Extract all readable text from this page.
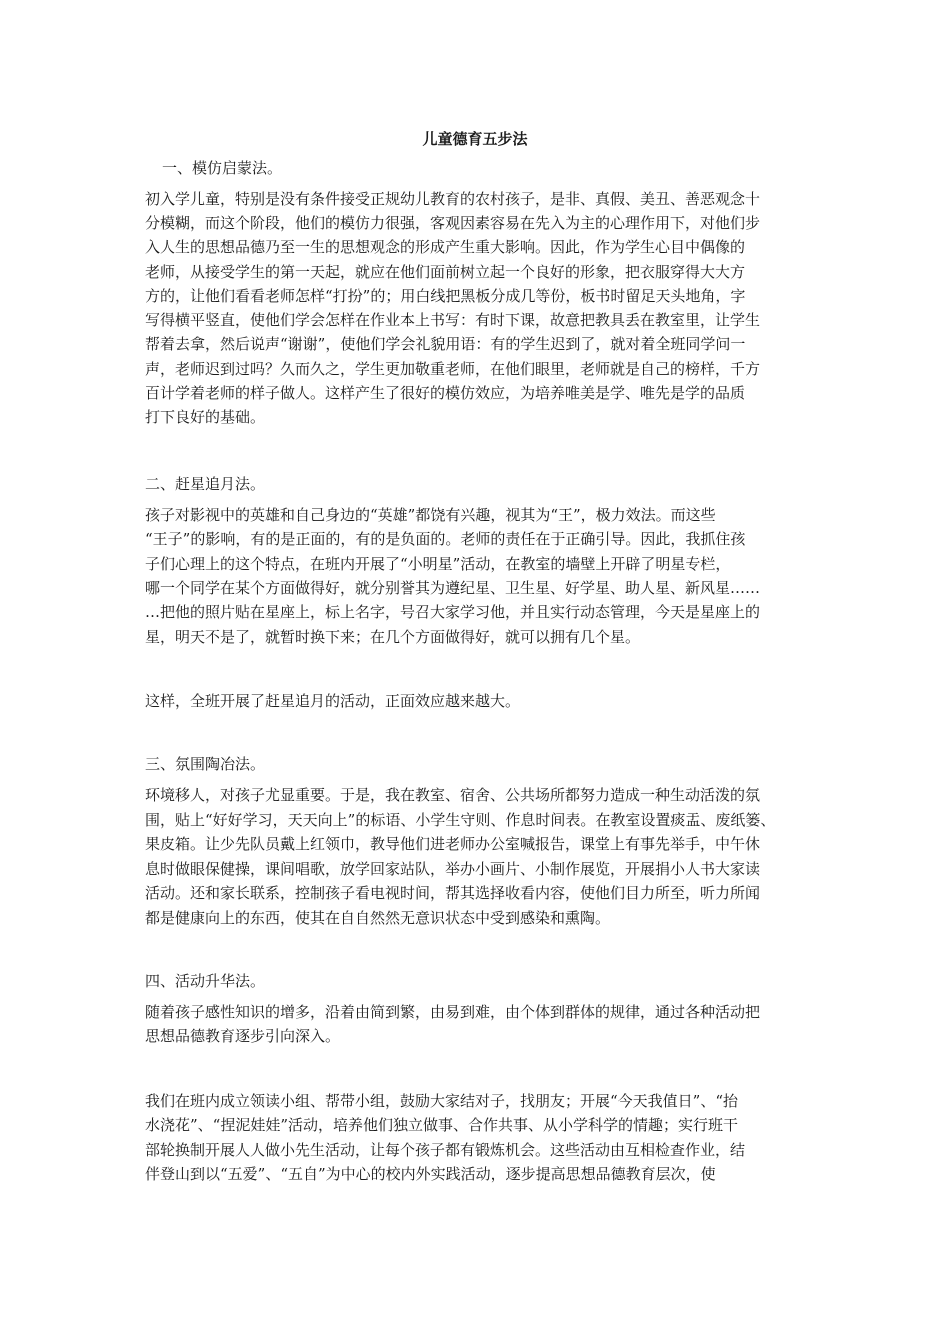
儿童德育五步法
一、模仿启蒙法。
初入学儿童，特别是没有条件接受正规幼儿教育的农村孩子，是非、真假、美丑、善恶观念十
分模糊，而这个阶段，他们的模仿力很强，客观因素容易在先入为主的心理作用下，对他们步
入人生的思想品德乃至一生的思想观念的形成产生重大影响。因此，作为学生心目中偶像的
老师，从接受学生的第一天起，就应在他们面前树立起一个良好的形象，把衣服穿得大大方
方的，让他们看看老师怎样“打扮”的；用白线把黑板分成几等份，板书时留足天头地角，字
写得横平竖直，使他们学会怎样在作业本上书写：有时下课，故意把教具丢在教室里，让学生
帮着去拿，然后说声“谢谢”，使他们学会礼貌用语：有的学生迟到了，就对着全班同学问一
声，老师迟到过吗？久而久之，学生更加敬重老师，在他们眼里，老师就是自己的榜样，千方
百计学着老师的样子做人。这样产生了很好的模仿效应，为培养唯美是学、唯先是学的品质
打下良好的基础。
二、赶星追月法。
孩子对影视中的英雄和自己身边的“英雄”都饶有兴趣，视其为“王”，极力效法。而这些
“王子”的影响，有的是正面的，有的是负面的。老师的责任在于正确引导。因此，我抓住孩
子们心理上的这个特点，在班内开展了“小明星”活动，在教室的墙壁上开辟了明星专栏，
哪一个同学在某个方面做得好，就分别誉其为遵纪星、卫生星、好学星、助人星、新风星……
…把他的照片贴在星座上，标上名字，号召大家学习他，并且实行动态管理，今天是星座上的
星，明天不是了，就暂时换下来；在几个方面做得好，就可以拥有几个星。
这样，全班开展了赶星追月的活动，正面效应越来越大。
三、氛围陶冶法。
环境移人，对孩子尤显重要。于是，我在教室、宿舍、公共场所都努力造成一种生动活泼的氛
围，贴上“好好学习，天天向上”的标语、小学生守则、作息时间表。在教室设置痰盂、废纸篓、
果皮箱。让少先队员戴上红领巾，教导他们进老师办公室喊报告，课堂上有事先举手，中午休
息时做眼保健操，课间唱歌，放学回家站队，举办小画片、小制作展览，开展捐小人书大家读
活动。还和家长联系，控制孩子看电视时间，帮其选择收看内容，使他们目力所至，听力所闻
都是健康向上的东西，使其在自自然然无意识状态中受到感染和熏陶。
四、活动升华法。
随着孩子感性知识的增多，沿着由简到繁，由易到难，由个体到群体的规律，通过各种活动把
思想品德教育逐步引向深入。
我们在班内成立领读小组、帮带小组，鼓励大家结对子，找朋友；开展“今天我值日”、“抬
水浇花”、“捏泥娃娃”活动，培养他们独立做事、合作共事、从小学科学的情趣；实行班干
部轮换制开展人人做小先生活动，让每个孩子都有锻炼机会。这些活动由互相检查作业，结
伴登山到以“五爱”、“五自”为中心的校内外实践活动，逐步提高思想品德教育层次，使
